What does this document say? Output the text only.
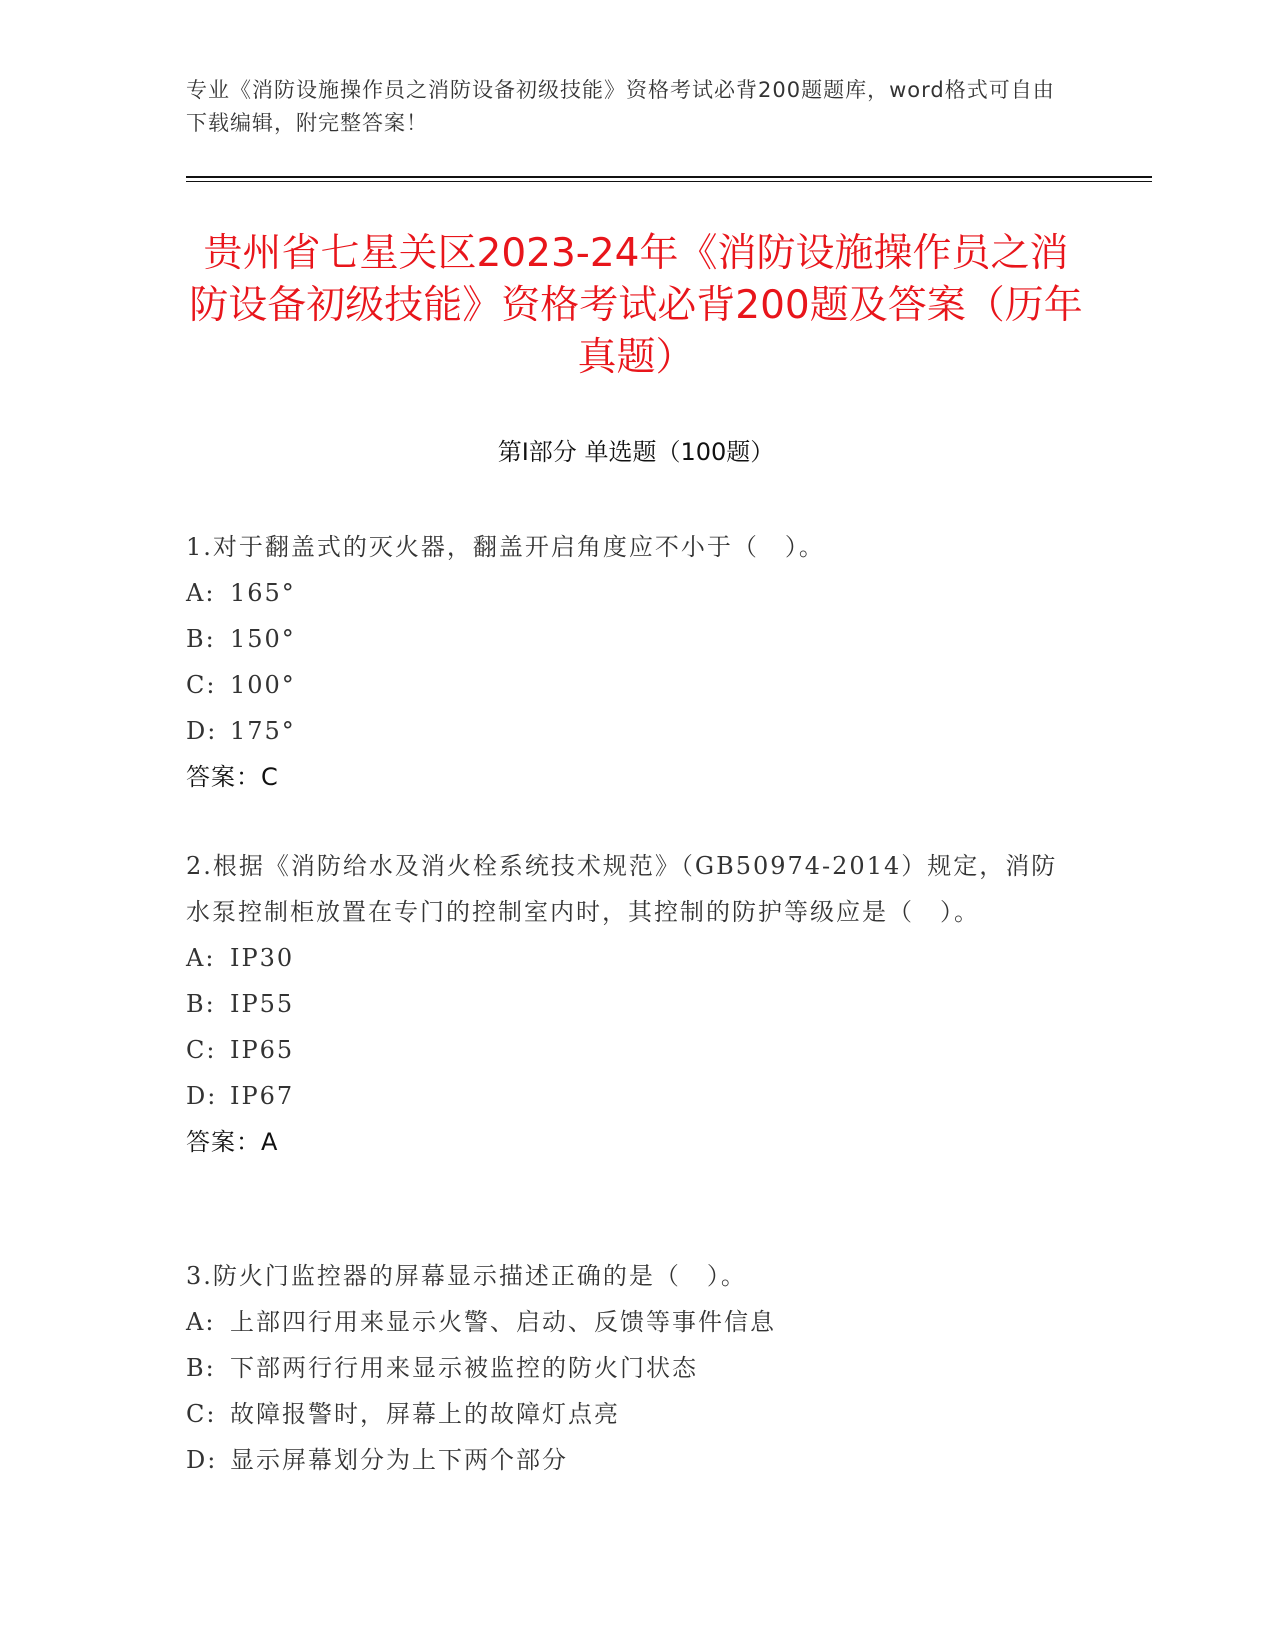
专业《消防设施操作员之消防设备初级技能》资格考试必背200题题库，word格式可自由下载编辑，附完整答案！
贵州省七星关区2023-24年《消防设施操作员之消防设备初级技能》资格考试必背200题及答案（历年真题）
第Ⅰ部分 单选题（100题）
1.对于翻盖式的灭火器，翻盖开启角度应不小于（　）。
A: 165°
B: 150°
C: 100°
D: 175°
答案：C
2.根据《消防给水及消火栓系统技术规范》（GB50974-2014）规定，消防水泵控制柜放置在专门的控制室内时，其控制的防护等级应是（　）。
A: IP30
B: IP55
C: IP65
D: IP67
答案：A
3.防火门监控器的屏幕显示描述正确的是（　）。
A: 上部四行用来显示火警、启动、反馈等事件信息
B: 下部两行行用来显示被监控的防火门状态
C: 故障报警时，屏幕上的故障灯点亮
D: 显示屏幕划分为上下两个部分
